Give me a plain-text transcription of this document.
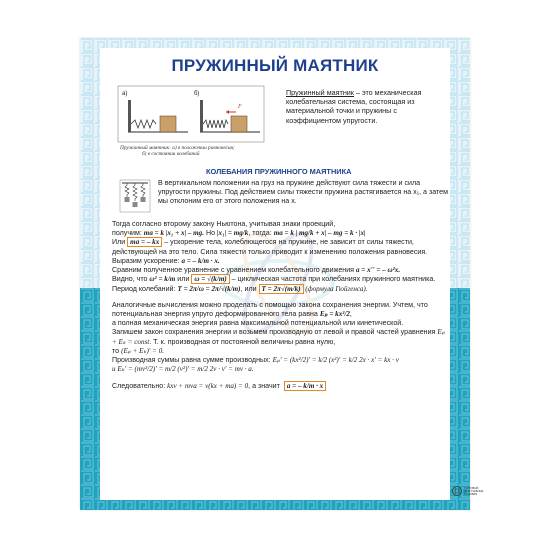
ПРУЖИННЫЙ МАЯТНИК
а)	б)
F
Пружинный маятник: а) в положении равновесия;
б) в состоянии колебаний
Пружинный маятник – это механическая колебательная система, состоящая из материальной точки и пружины с коэффициентом упругости.
КОЛЕБАНИЯ ПРУЖИННОГО МАЯТНИКА
В вертикальном положении на груз на пружине действуют сила тяжести и сила упругости пружины. Под действием силы тяжести пружина растягивается на x₁, а затем мы отклоним его от этого положения на x.

Тогда согласно второму закону Ньютона, учитывая знаки проекций,

получим: ma = k |x₁ + x| – mg. Но |x₁| = mg/k, тогда: ma = k | mg/k + x| – mg = k · |x|

Или ma = – kx – ускорение тела, колеблющегося на пружине, не зависит от силы тяжести, действующей на это тело. Сила тяжести только приводит к изменению положения равновесия.

Выразим ускорение: a = – k/m · x.

Сравним полученное уравнение с уравнением колебательного движения a = x'' = – ω²x.

Видно, что ω² = k/m или ω = √(k/m) – циклическая частота при колебаниях пружинного маятника.

Период колебаний: T = 2π/ω = 2π/√(k/m), или T = 2π√(m/k) (формула Гюйгенса).

Аналогичные вычисления можно проделать с помощью закона сохранения энергии. Учтем, что потенциальная энергия упруго деформированного тела равна Eₚ = kx²/2,

а полная механическая энергия равна максимальной потенциальной или кинетической.

Запишем закон сохранения энергии и возьмем производную от левой и правой частей уравнения Eₚ + Eₖ = const. Т. к. производная от постоянной величины равна нулю,

то (Eₚ + Eₖ)' = 0.

Производная суммы равна сумме производных: Eₚ' = (kx²/2)' = k/2 (x²)' = k/2 2x · x' = kx · v

и Eₖ' = (mv²/2)' = m/2 (v²)' = m/2 2v · v' = mv · a.

Следовательно: kxv + mva = v(kx + ma) = 0, а значит a = – k/m · x

ТОРГОВЫЙ ДОМ УЧЕБНЫЕ ПОСОБИЯ
